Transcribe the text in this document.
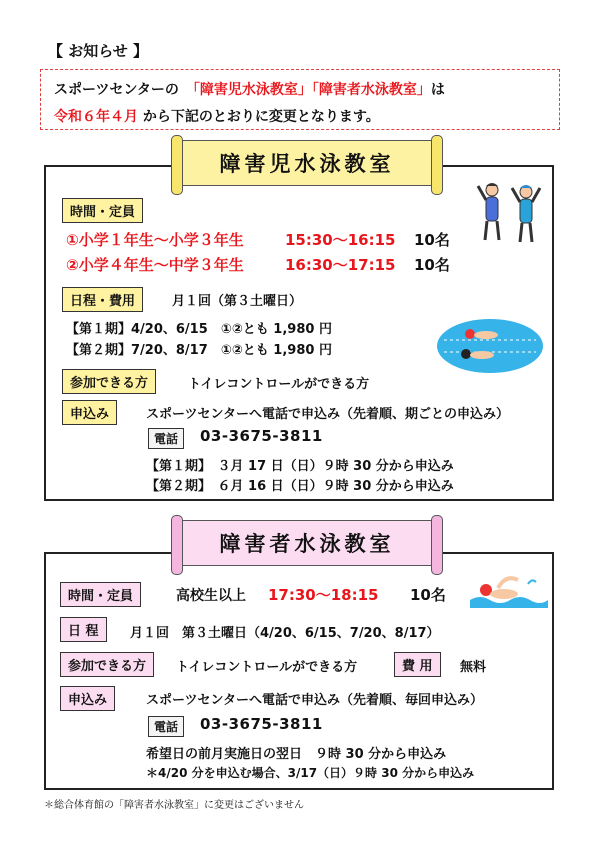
【 お知らせ 】
スポーツセンターの　「障害児水泳教室」「障害者水泳教室」は
令和６年４月 から下記のとおりに変更となります。
障害児水泳教室
時間・定員
①小学１年生～小学３年生	15:30～16:15 10名
②小学４年生～中学３年生	16:30～17:15 10名
日程・費用	月１回（第３土曜日）
【第１期】4/20、6/15　①②とも 1,980 円
【第２期】7/20、8/17　①②とも 1,980 円
参加できる方	トイレコントロールができる方
申込み	スポーツセンターへ電話で申込み（先着順、期ごとの申込み）
電話	03-3675-3811
【第１期】　３月 17 日（日）９時 30 分から申込み
【第２期】　６月 16 日（日）９時 30 分から申込み
障害者水泳教室
時間・定員	高校生以上 17:30～18:15 10名
日 程	月１回　第３土曜日（4/20、6/15、7/20、8/17）
参加できる方	トイレコントロールができる方	費 用	無料
申込み	スポーツセンターへ電話で申込み（先着順、毎回申込み）
電話	03-3675-3811
希望日の前月実施日の翌日　９時 30 分から申込み
＊4/20 分を申込む場合、3/17（日）９時 30 分から申込み
＊総合体育館の「障害者水泳教室」に変更はございません
